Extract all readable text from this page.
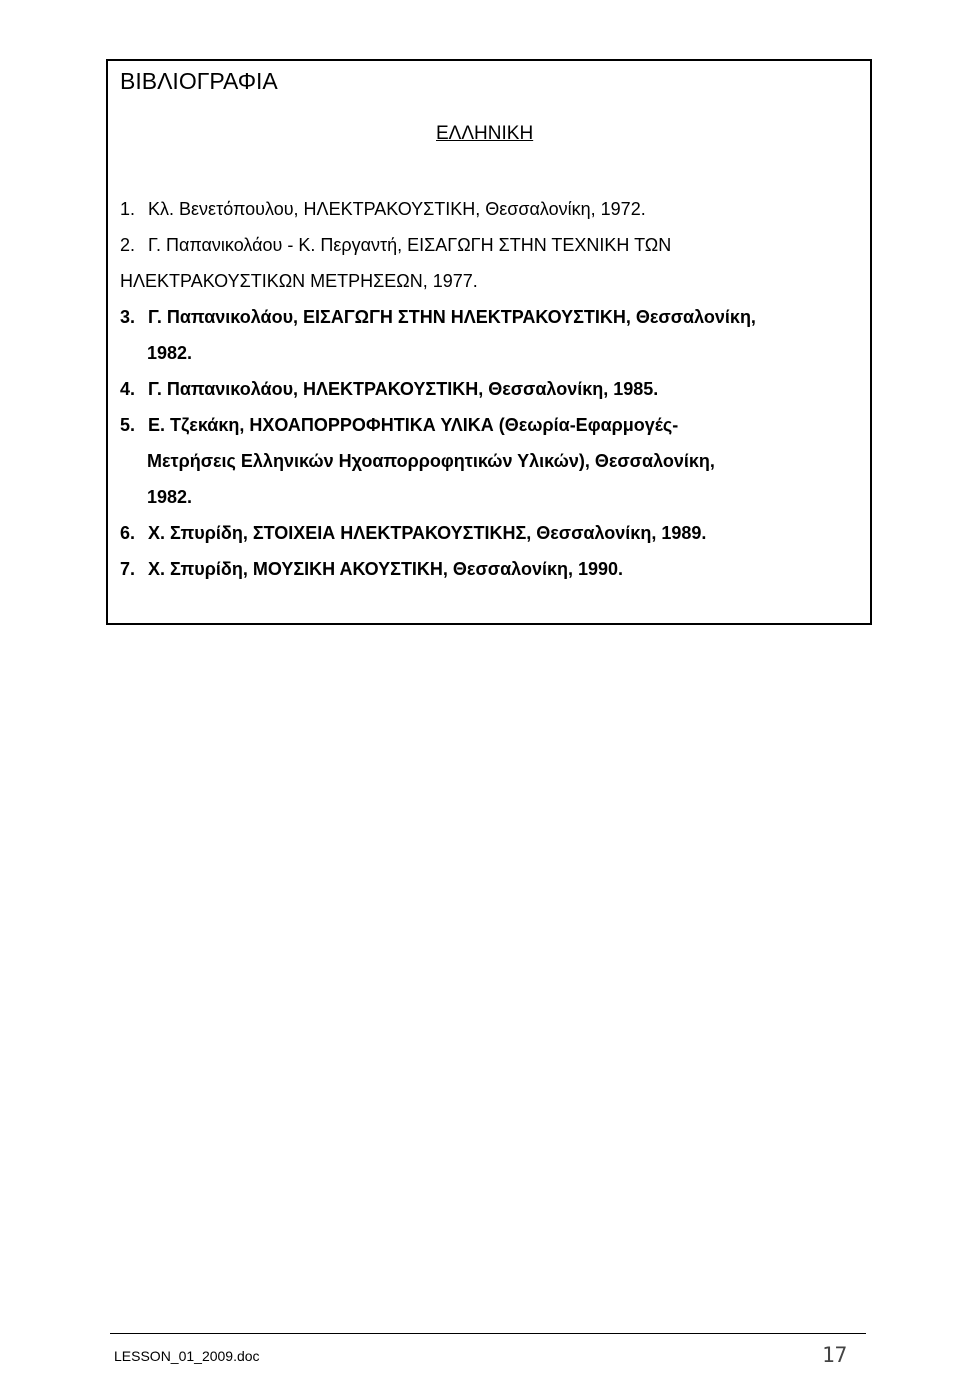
ΒΙΒΛΙΟΓΡΑΦΙΑ
ΕΛΛΗΝΙΚΗ
1. Κλ. Βενετόπουλου, ΗΛΕΚΤΡΑΚΟΥΣΤΙΚΗ, Θεσσαλονίκη, 1972.
2. Γ. Παπανικολάου - Κ. Περγαντή, ΕΙΣΑΓΩΓΗ ΣΤΗΝ ΤΕΧΝΙΚΗ ΤΩΝ
ΗΛΕΚΤΡΑΚΟΥΣΤΙΚΩΝ ΜΕΤΡΗΣΕΩΝ, 1977.
3. Γ. Παπανικολάου, ΕΙΣΑΓΩΓΗ ΣΤΗΝ ΗΛΕΚΤΡΑΚΟΥΣΤΙΚΗ, Θεσσαλονίκη,
1982.
4. Γ. Παπανικολάου, ΗΛΕΚΤΡΑΚΟΥΣΤΙΚΗ, Θεσσαλονίκη, 1985.
5. Ε. Τζεκάκη, ΗΧΟΑΠΟΡΡΟΦΗΤΙΚΑ ΥΛΙΚΑ (Θεωρία-Εφαρμογές-
Μετρήσεις Ελληνικών Ηχοαπορροφητικών Υλικών), Θεσσαλονίκη,
1982.
6. Χ. Σπυρίδη, ΣΤΟΙΧΕΙΑ ΗΛΕΚΤΡΑΚΟΥΣΤΙΚΗΣ, Θεσσαλονίκη, 1989.
7. Χ. Σπυρίδη, ΜΟΥΣΙΚΗ ΑΚΟΥΣΤΙΚΗ, Θεσσαλονίκη, 1990.
LESSON_01_2009.doc	17
